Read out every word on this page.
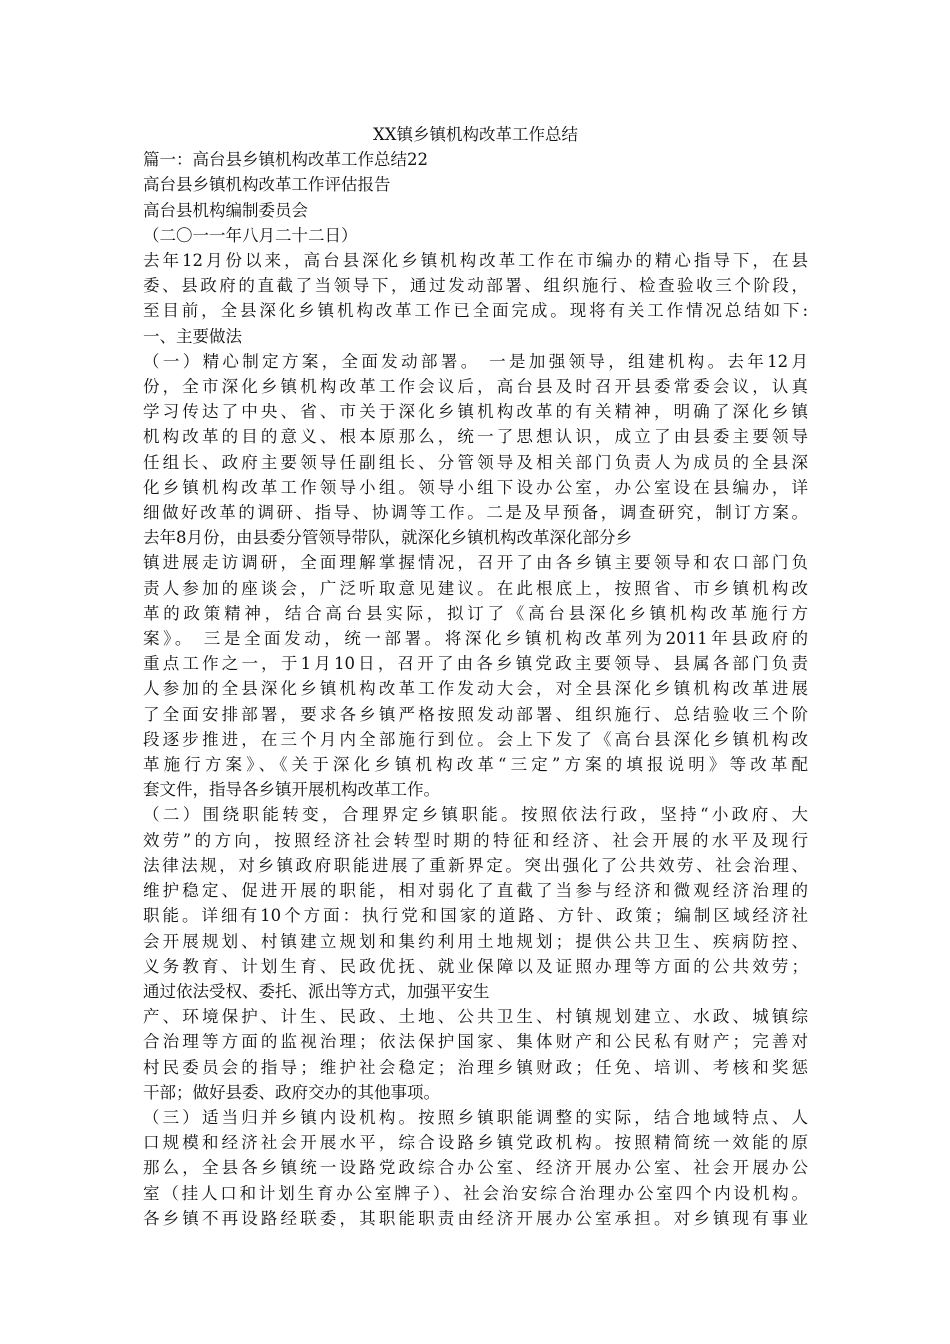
XX镇乡镇机构改革工作总结

篇一：高台县乡镇机构改革工作总结22

高台县乡镇机构改革工作评估报告

高台县机构编制委员会

（二〇一一年八月二十二日）

去年12月份以来，高台县深化乡镇机构改革工作在市编办的精心指导下，在县

委、县政府的直截了当领导下，通过发动部署、组织施行、检查验收三个阶段，

至目前，全县深化乡镇机构改革工作已全面完成。现将有关工作情况总结如下:

一、主要做法

（一）精心制定方案，全面发动部署。 一是加强领导，组建机构。去年12月

份，全市深化乡镇机构改革工作会议后，高台县及时召开县委常委会议，认真

学习传达了中央、省、市关于深化乡镇机构改革的有关精神，明确了深化乡镇

机构改革的目的意义、根本原那么，统一了思想认识，成立了由县委主要领导

任组长、政府主要领导任副组长、分管领导及相关部门负责人为成员的全县深

化乡镇机构改革工作领导小组。领导小组下设办公室，办公室设在县编办，详

细做好改革的调研、指导、协调等工作。二是及早预备，调查研究，制订方案。

去年8月份，由县委分管领导带队，就深化乡镇机构改革深化部分乡

镇进展走访调研，全面理解掌握情况，召开了由各乡镇主要领导和农口部门负

责人参加的座谈会，广泛听取意见建议。在此根底上，按照省、市乡镇机构改

革的政策精神，结合高台县实际，拟订了《高台县深化乡镇机构改革施行方

案》。 三是全面发动，统一部署。将深化乡镇机构改革列为2011年县政府的

重点工作之一，于1月10日，召开了由各乡镇党政主要领导、县属各部门负责

人参加的全县深化乡镇机构改革工作发动大会，对全县深化乡镇机构改革进展

了全面安排部署，要求各乡镇严格按照发动部署、组织施行、总结验收三个阶

段逐步推进，在三个月内全部施行到位。会上下发了《高台县深化乡镇机构改

革施行方案》、《关于深化乡镇机构改革“三定”方案的填报说明》等改革配

套文件，指导各乡镇开展机构改革工作。

（二）围绕职能转变，合理界定乡镇职能。按照依法行政，坚持“小政府、大

效劳”的方向，按照经济社会转型时期的特征和经济、社会开展的水平及现行

法律法规，对乡镇政府职能进展了重新界定。突出强化了公共效劳、社会治理、

维护稳定、促进开展的职能，相对弱化了直截了当参与经济和微观经济治理的

职能。详细有10个方面：执行党和国家的道路、方针、政策；编制区域经济社

会开展规划、村镇建立规划和集约利用土地规划；提供公共卫生、疾病防控、

义务教育、计划生育、民政优抚、就业保障以及证照办理等方面的公共效劳；

通过依法受权、委托、派出等方式，加强平安生

产、环境保护、计生、民政、土地、公共卫生、村镇规划建立、水政、城镇综

合治理等方面的监视治理；依法保护国家、集体财产和公民私有财产；完善对

村民委员会的指导；维护社会稳定；治理乡镇财政；任免、培训、考核和奖惩

干部；做好县委、政府交办的其他事项。

（三）适当归并乡镇内设机构。按照乡镇职能调整的实际，结合地域特点、人

口规模和经济社会开展水平，综合设路乡镇党政机构。按照精简统一效能的原

那么，全县各乡镇统一设路党政综合办公室、经济开展办公室、社会开展办公

室（挂人口和计划生育办公室牌子）、社会治安综合治理办公室四个内设机构。

各乡镇不再设路经联委，其职能职责由经济开展办公室承担。对乡镇现有事业
